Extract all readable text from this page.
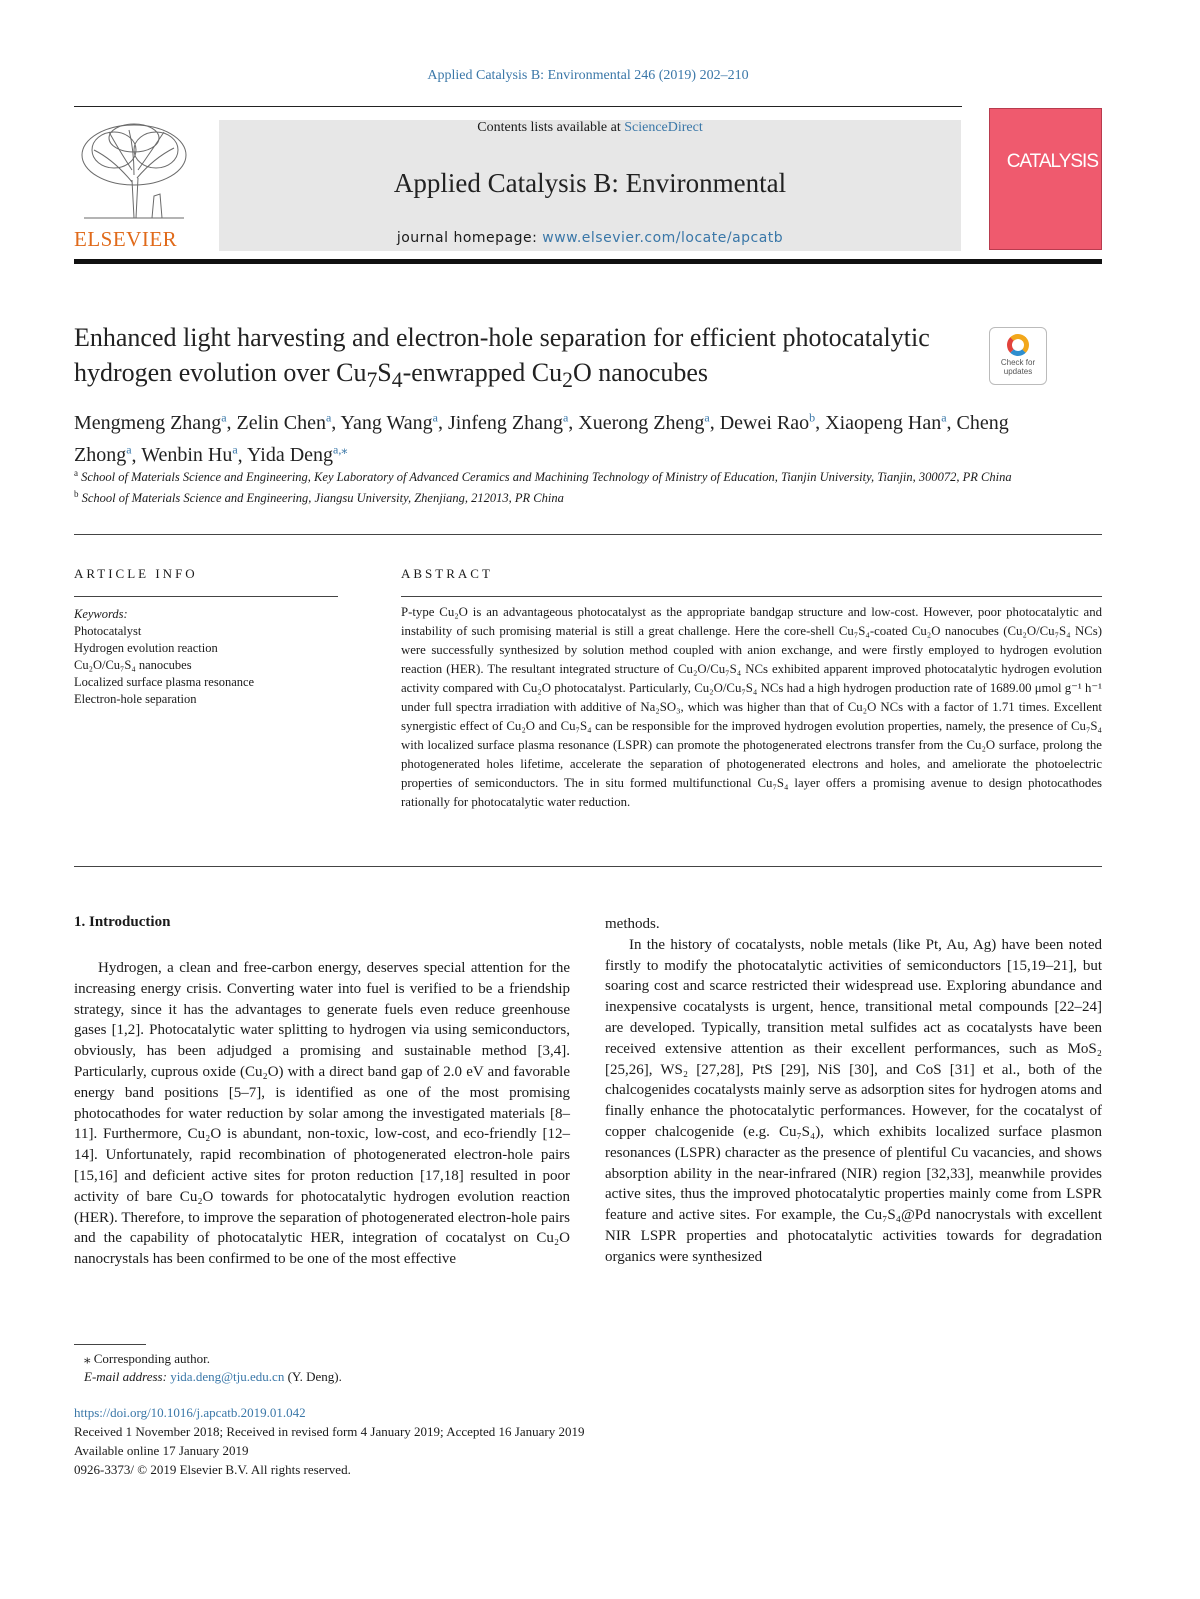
Applied Catalysis B: Environmental 246 (2019) 202–210
ELSEVIER
Contents lists available at ScienceDirect
Applied Catalysis B: Environmental
journal homepage: www.elsevier.com/locate/apcatb
CATALYSIS
Enhanced light harvesting and electron-hole separation for efficient photocatalytic hydrogen evolution over $Cu_7S_4$-enwrapped $Cu_2O$ nanocubes	Check for
updates
Mengmeng Zhang$^a$, Zelin Chen$^a$, Yang Wang$^a$, Jinfeng Zhang$^a$, Xuerong Zheng$^a$, Dewei Rao$^b$, Xiaopeng Han$^a$, Cheng Zhong$^a$, Wenbin Hu$^a$, Yida Deng$^{a,⁎}$
$^a$ School of Materials Science and Engineering, Key Laboratory of Advanced Ceramics and Machining Technology of Ministry of Education, Tianjin University, Tianjin, 300072, PR China
$^b$ School of Materials Science and Engineering, Jiangsu University, Zhenjiang, 212013, PR China
ARTICLE INFO	ABSTRACT
Keywords:
Photocatalyst
Hydrogen evolution reaction
Cu₂O/Cu₇S₄ nanocubes
Localized surface plasma resonance
Electron-hole separation
P-type Cu₂O is an advantageous photocatalyst as the appropriate bandgap structure and low-cost. However, poor photocatalytic and instability of such promising material is still a great challenge. Here the core-shell Cu₇S₄-coated Cu₂O nanocubes (Cu₂O/Cu₇S₄ NCs) were successfully synthesized by solution method coupled with anion exchange, and were firstly employed to hydrogen evolution reaction (HER). The resultant integrated structure of Cu₂O/Cu₇S₄ NCs exhibited apparent improved photocatalytic hydrogen evolution activity compared with Cu₂O photocatalyst. Particularly, Cu₂O/Cu₇S₄ NCs had a high hydrogen production rate of 1689.00 μmol g⁻¹ h⁻¹ under full spectra irradiation with additive of Na₂SO₃, which was higher than that of Cu₂O NCs with a factor of 1.71 times. Excellent synergistic effect of Cu₂O and Cu₇S₄ can be responsible for the improved hydrogen evolution properties, namely, the presence of Cu₇S₄ with localized surface plasma resonance (LSPR) can promote the photogenerated electrons transfer from the Cu₂O surface, prolong the photogenerated holes lifetime, accelerate the separation of photogenerated electrons and holes, and ameliorate the photoelectric properties of semiconductors. The in situ formed multifunctional Cu₇S₄ layer offers a promising avenue to design photocathodes rationally for photocatalytic water reduction.
1. Introduction

Hydrogen, a clean and free-carbon energy, deserves special attention for the increasing energy crisis. Converting water into fuel is verified to be a friendship strategy, since it has the advantages to generate fuels even reduce greenhouse gases [1,2]. Photocatalytic water splitting to hydrogen via using semiconductors, obviously, has been adjudged a promising and sustainable method [3,4]. Particularly, cuprous oxide (Cu₂O) with a direct band gap of 2.0 eV and favorable energy band positions [5–7], is identified as one of the most promising photocathodes for water reduction by solar among the investigated materials [8–11]. Furthermore, Cu₂O is abundant, non-toxic, low-cost, and eco-friendly [12–14]. Unfortunately, rapid recombination of photogenerated electron-hole pairs [15,16] and deficient active sites for proton reduction [17,18] resulted in poor activity of bare Cu₂O towards for photocatalytic hydrogen evolution reaction (HER). Therefore, to improve the separation of photogenerated electron-hole pairs and the capability of photocatalytic HER, integration of cocatalyst on Cu₂O nanocrystals has been confirmed to be one of the most effective

methods.

In the history of cocatalysts, noble metals (like Pt, Au, Ag) have been noted firstly to modify the photocatalytic activities of semiconductors [15,19–21], but soaring cost and scarce restricted their widespread use. Exploring abundance and inexpensive cocatalysts is urgent, hence, transitional metal compounds [22–24] are developed. Typically, transition metal sulfides act as cocatalysts have been received extensive attention as their excellent performances, such as MoS₂ [25,26], WS₂ [27,28], PtS [29], NiS [30], and CoS [31] et al., both of the chalcogenides cocatalysts mainly serve as adsorption sites for hydrogen atoms and finally enhance the photocatalytic performances. However, for the cocatalyst of copper chalcogenide (e.g. Cu₇S₄), which exhibits localized surface plasmon resonances (LSPR) character as the presence of plentiful Cu vacancies, and shows absorption ability in the near-infrared (NIR) region [32,33], meanwhile provides active sites, thus the improved photocatalytic properties mainly come from LSPR feature and active sites. For example, the Cu₇S₄@Pd nanocrystals with excellent NIR LSPR properties and photocatalytic activities towards for degradation organics were synthesized

⁎ Corresponding author.
E-mail address: yida.deng@tju.edu.cn (Y. Deng).
https://doi.org/10.1016/j.apcatb.2019.01.042
Received 1 November 2018; Received in revised form 4 January 2019; Accepted 16 January 2019
Available online 17 January 2019
0926-3373/ © 2019 Elsevier B.V. All rights reserved.
